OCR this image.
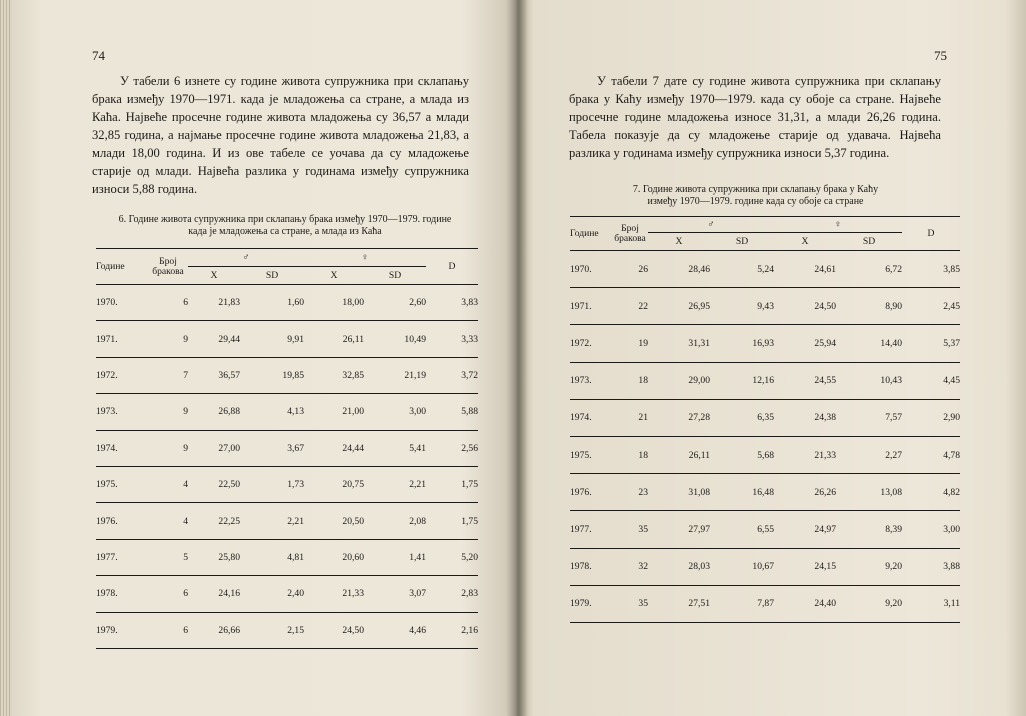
74
У табели 6 изнете су године живота супружника при склапању брака између 1970—1971. када је младожења са стране, а млада из Каћа. Највеће просечне године живота младожења су 36,57 а млади 32,85 година, а најмање просечне године живота младожења 21,83, а млади 18,00 година. И из ове табеле се уочава да су младожење старије од млади. Највећа разлика у годинама између супружника износи 5,88 година.
6. Године живота супружника при склапању брака између 1970—1979. године
када је младожења са стране, а млада из Каћа
Године	Број бракова	♂		♀		D
		X	SD	X	SD	

1970.	6	21,83	1,60	18,00	2,60	3,83
1971.	9	29,44	9,91	26,11	10,49	3,33
1972.	7	36,57	19,85	32,85	21,19	3,72
1973.	9	26,88	4,13	21,00	3,00	5,88
1974.	9	27,00	3,67	24,44	5,41	2,56
1975.	4	22,50	1,73	20,75	2,21	1,75
1976.	4	22,25	2,21	20,50	2,08	1,75
1977.	5	25,80	4,81	20,60	1,41	5,20
1978.	6	24,16	2,40	21,33	3,07	2,83
1979.	6	26,66	2,15	24,50	4,46	2,16
75
У табели 7 дате су године живота супружника при склапању брака у Каћу између 1970—1979. када су обоје са стране. Највеће просечне године младожења износе 31,31, а млади 26,26 година. Табела показује да су младожење старије од удавача. Највећа разлика у годинама између супружника износи 5,37 година.
7. Године живота супружника при склапању брака у Каћу
између 1970—1979. године када су обоје са стране
Године	Број бракова	♂		♀		D
		X	SD	X	SD	

1970.	26	28,46	5,24	24,61	6,72	3,85
1971.	22	26,95	9,43	24,50	8,90	2,45
1972.	19	31,31	16,93	25,94	14,40	5,37
1973.	18	29,00	12,16	24,55	10,43	4,45
1974.	21	27,28	6,35	24,38	7,57	2,90
1975.	18	26,11	5,68	21,33	2,27	4,78
1976.	23	31,08	16,48	26,26	13,08	4,82
1977.	35	27,97	6,55	24,97	8,39	3,00
1978.	32	28,03	10,67	24,15	9,20	3,88
1979.	35	27,51	7,87	24,40	9,20	3,11
